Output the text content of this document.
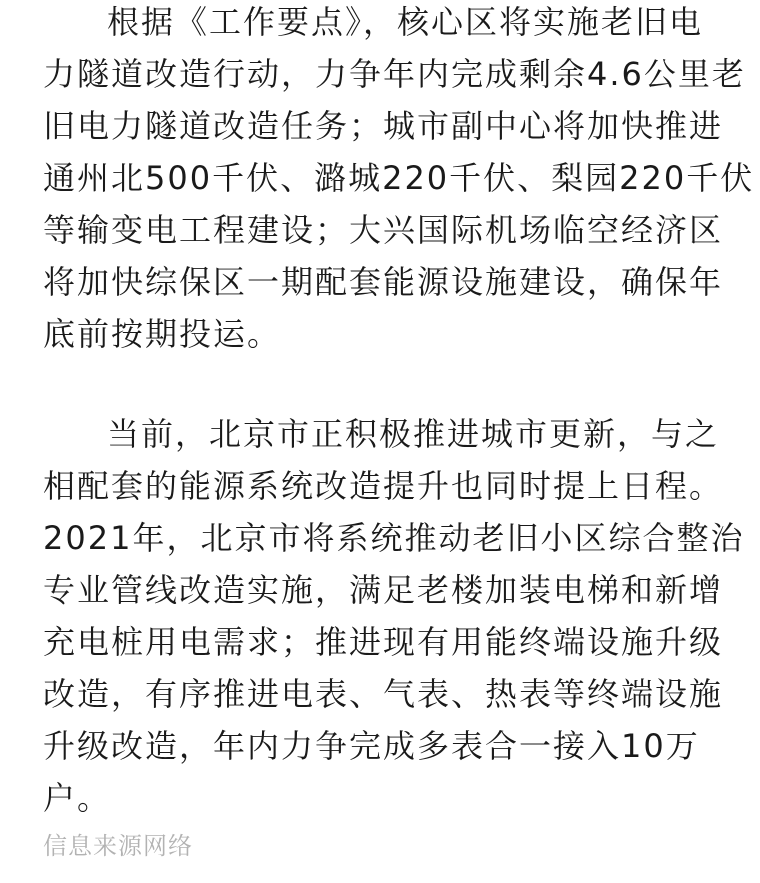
根据《工作要点》，核心区将实施老旧电
力隧道改造行动，力争年内完成剩余4.6公里老
旧电力隧道改造任务；城市副中心将加快推进
通州北500千伏、潞城220千伏、梨园220千伏
等输变电工程建设；大兴国际机场临空经济区
将加快综保区一期配套能源设施建设，确保年
底前按期投运。
当前，北京市正积极推进城市更新，与之
相配套的能源系统改造提升也同时提上日程。
2021年，北京市将系统推动老旧小区综合整治
专业管线改造实施，满足老楼加装电梯和新增
充电桩用电需求；推进现有用能终端设施升级
改造，有序推进电表、气表、热表等终端设施
升级改造，年内力争完成多表合一接入10万
户。
信息来源网络
